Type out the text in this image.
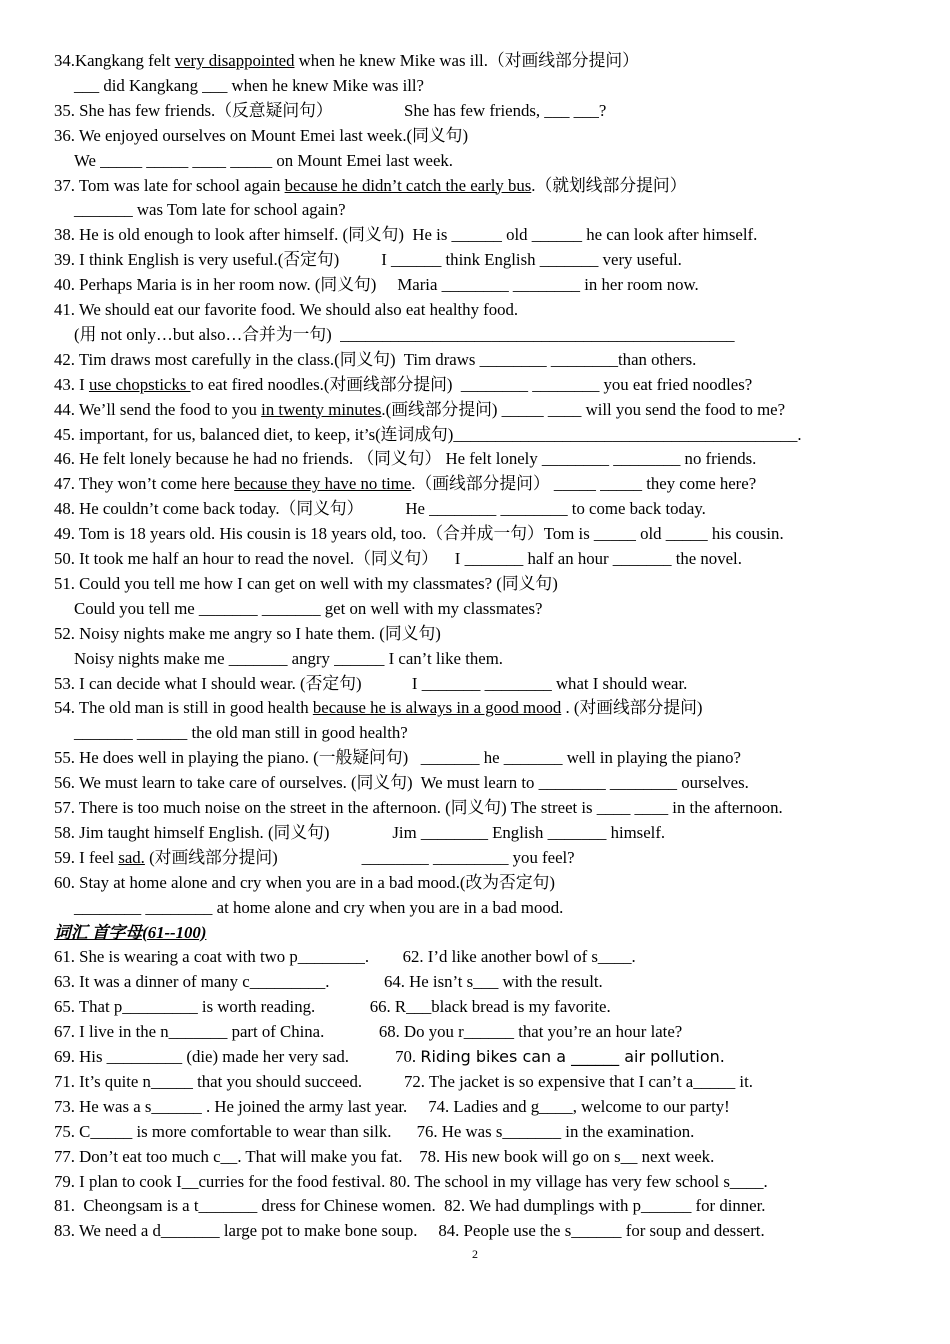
34.Kangkang felt very disappointed when he knew Mike was ill.（对画线部分提问）
___ did Kangkang ___ when he knew Mike was ill?
35. She has few friends.（反意疑问句）                 She has few friends, ___ ___?
36. We enjoyed ourselves on Mount Emei last week.(同义句)
We _____ _____ ____ _____ on Mount Emei last week.
37. Tom was late for school again because he didn’t catch the early bus.（就划线部分提问）
_______ was Tom late for school again?
38. He is old enough to look after himself. (同义句)  He is ______ old ______ he can look after himself.
39. I think English is very useful.(否定句)          I ______ think English _______ very useful.
40. Perhaps Maria is in her room now. (同义句)     Maria ________ ________ in her room now.
41. We should eat our favorite food. We should also eat healthy food.
(用 not only…but also…合并为一句)  _______________________________________________
42. Tim draws most carefully in the class.(同义句)  Tim draws ________ ________than others.
43. I use chopsticks to eat fired noodles.(对画线部分提问)  ________ ________ you eat fried noodles?
44. We’ll send the food to you in twenty minutes.(画线部分提问) _____ ____ will you send the food to me?
45. important, for us, balanced diet, to keep, it’s(连词成句)_________________________________________.
46. He felt lonely because he had no friends. （同义句） He felt lonely ________ ________ no friends.
47. They won’t come here because they have no time.（画线部分提问） _____ _____ they come here?
48. He couldn’t come back today.（同义句）          He ________ ________ to come back today.
49. Tom is 18 years old. His cousin is 18 years old, too.（合并成一句）Tom is _____ old _____ his cousin.
50. It took me half an hour to read the novel.（同义句）    I _______ half an hour _______ the novel.
51. Could you tell me how I can get on well with my classmates? (同义句)
Could you tell me _______ _______ get on well with my classmates?
52. Noisy nights make me angry so I hate them. (同义句)
Noisy nights make me _______ angry ______ I can’t like them.
53. I can decide what I should wear. (否定句)            I _______ ________ what I should wear.
54. The old man is still in good health because he is always in a good mood . (对画线部分提问)
_______ ______ the old man still in good health?
55. He does well in playing the piano. (一般疑问句)   _______ he _______ well in playing the piano?
56. We must learn to take care of ourselves. (同义句)  We must learn to ________ ________ ourselves.
57. There is too much noise on the street in the afternoon. (同义句) The street is ____ ____ in the afternoon.
58. Jim taught himself English. (同义句)               Jim ________ English _______ himself.
59. I feel sad. (对画线部分提问)                    ________ _________ you feel?
60. Stay at home alone and cry when you are in a bad mood.(改为否定句)
________ ________ at home alone and cry when you are in a bad mood.
词汇 首字母(61--100)
61. She is wearing a coat with two p________.        62. I’d like another bowl of s____.
63. It was a dinner of many c_________.             64. He isn’t s___ with the result.
65. That p_________ is worth reading.             66. R___black bread is my favorite.
67. I live in the n_______ part of China.             68. Do you r______ that you’re an hour late?
69. His _________ (die) made her very sad.           70. Riding bikes can a ______ air pollution.
71. It’s quite n_____ that you should succeed.          72. The jacket is so expensive that I can’t a_____ it.
73. He was a s______ . He joined the army last year.     74. Ladies and g____, welcome to our party!
75. C_____ is more comfortable to wear than silk.      76. He was s_______ in the examination.
77. Don’t eat too much c__. That will make you fat.    78. His new book will go on s__ next week.
79. I plan to cook I__curries for the food festival. 80. The school in my village has very few school s____.
81.  Cheongsam is a t_______ dress for Chinese women.  82. We had dumplings with p______ for dinner.
83. We need a d_______ large pot to make bone soup.     84. People use the s______ for soup and dessert.
2
